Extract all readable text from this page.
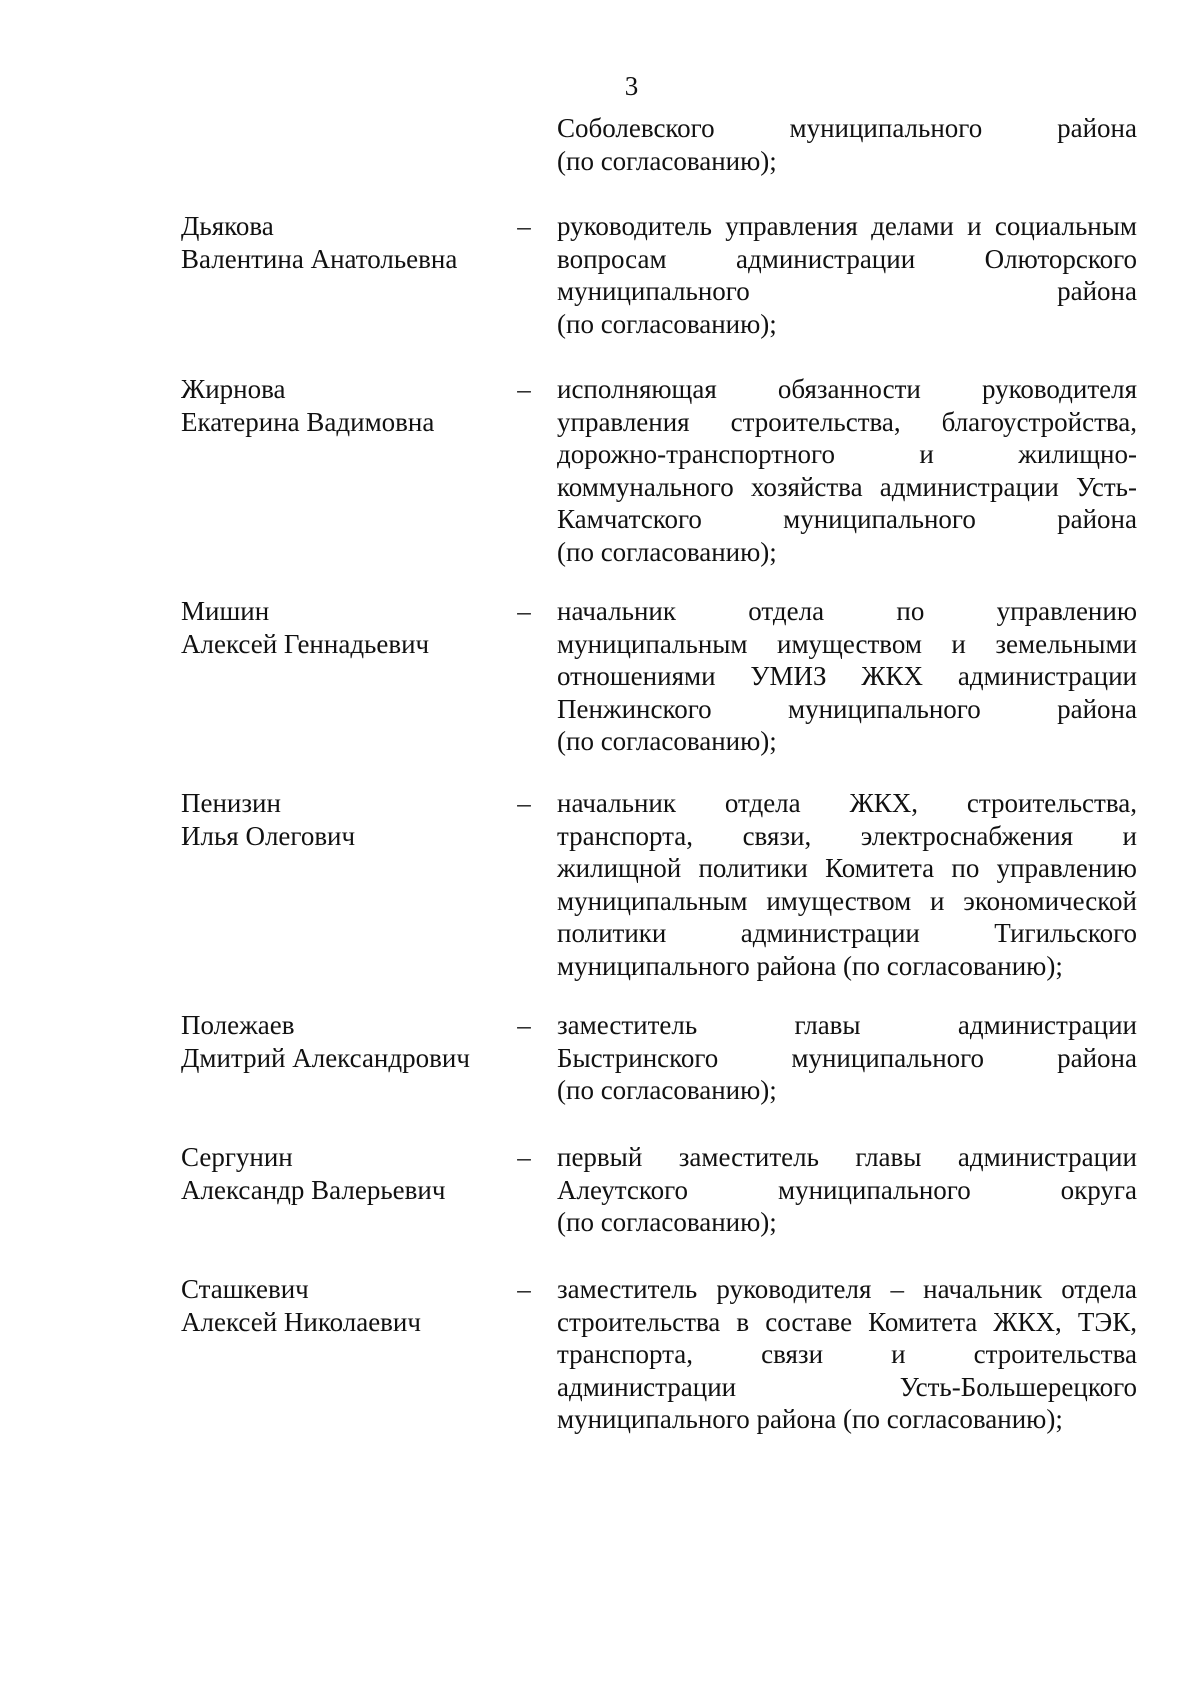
3
Соболевского	муниципального	района
(по согласованию);
Дьякова
Валентина Анатольевна
– руководитель управления делами и социальным
вопросам	администрации	Олюторского
муниципального	района
(по согласованию);
Жирнова
Екатерина Вадимовна
– исполняющая обязанности руководителя
управления строительства, благоустройства,
дорожно-транспортного	и	жилищно-
коммунального хозяйства администрации Усть-
Камчатского	муниципального	района
(по согласованию);
Мишин
Алексей Геннадьевич
– начальник	отдела	по	управлению
муниципальным имуществом и земельными
отношениями УМИЗ ЖКХ администрации
Пенжинского	муниципального	района
(по согласованию);
Пенизин
Илья Олегович
– начальник отдела ЖКХ, строительства,
транспорта, связи, электроснабжения и
жилищной политики Комитета по управлению
муниципальным имуществом и экономической
политики	администрации	Тигильского
муниципального района (по согласованию);
Полежаев
Дмитрий Александрович
– заместитель	главы	администрации
Быстринского	муниципального	района
(по согласованию);
Сергунин
Александр Валерьевич
– первый заместитель главы администрации
Алеутского	муниципального	округа
(по согласованию);
Сташкевич
Алексей Николаевич
– заместитель руководителя – начальник отдела
строительства в составе Комитета ЖКХ, ТЭК,
транспорта,	связи	и	строительства
администрации	Усть-Большерецкого
муниципального района (по согласованию);
